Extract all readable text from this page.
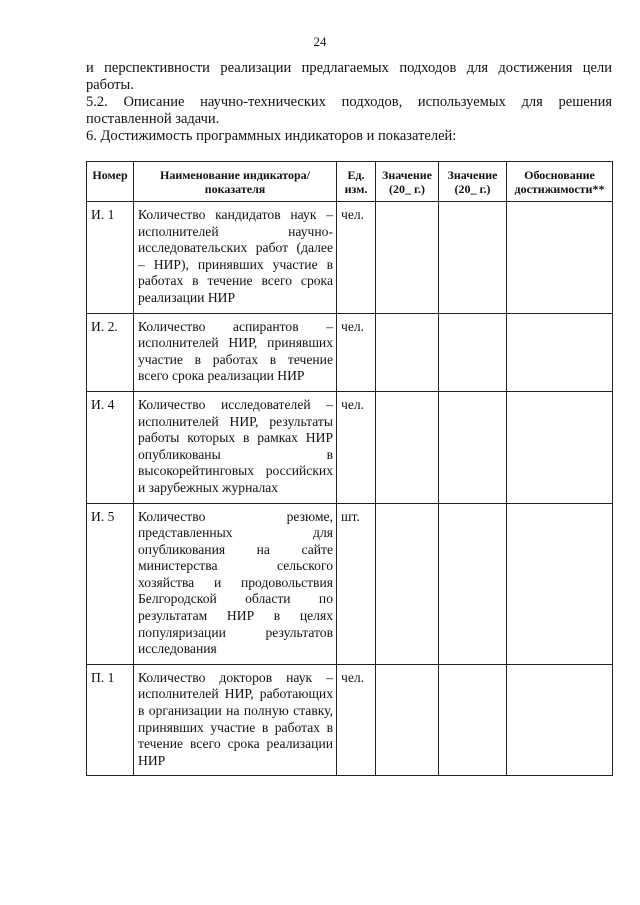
24

и перспективности реализации предлагаемых подходов для достижения цели работы.

5.2. Описание научно-технических подходов, используемых для решения поставленной задачи.

6. Достижимость программных индикаторов и показателей:

Номер	Наименование индикатора/показателя	Ед. изм.	Значение (20_ г.)	Значение (20_ г.)	Обоснование достижимости**
И. 1	Количество кандидатов наук – исполнителей научно-исследовательских работ (далее – НИР), принявших участие в работах в течение всего срока реализации НИР	чел.			
И. 2.	Количество аспирантов – исполнителей НИР, принявших участие в работах в течение всего срока реализации НИР	чел.			
И. 4	Количество исследователей – исполнителей НИР, результаты работы которых в рамках НИР опубликованы в высокорейтинговых российских и зарубежных журналах	чел.			
И. 5	Количество резюме, представленных для опубликования на сайте министерства сельского хозяйства и продовольствия Белгородской области по результатам НИР в целях популяризации результатов исследования	шт.			
П. 1	Количество докторов наук – исполнителей НИР, работающих в организации на полную ставку, принявших участие в работах в течение всего срока реализации НИР	чел.			
